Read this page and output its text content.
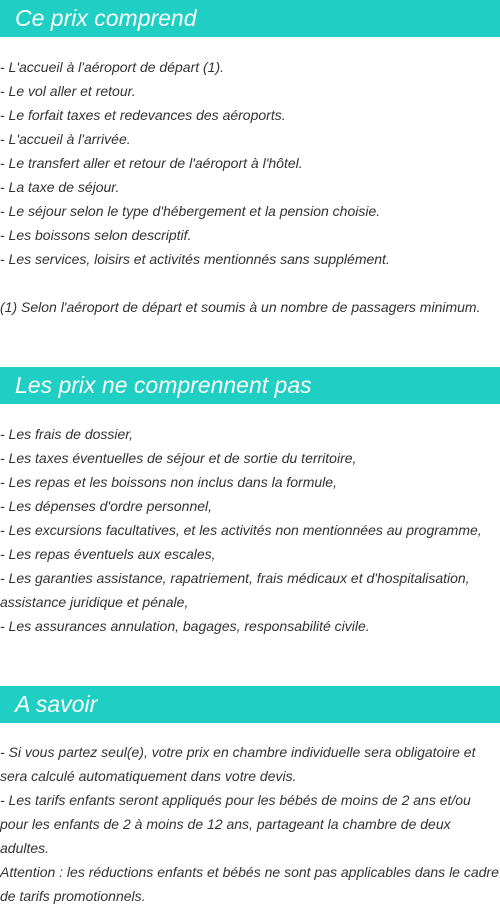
Ce prix comprend
- L'accueil à l'aéroport de départ (1).
- Le vol aller et retour.
- Le forfait taxes et redevances des aéroports.
- L'accueil à l'arrivée.
- Le transfert aller et retour de l'aéroport à l'hôtel.
- La taxe de séjour.
- Le séjour selon le type d'hébergement et la pension choisie.
- Les boissons selon descriptif.
- Les services, loisirs et activités mentionnés sans supplément.
(1) Selon l'aéroport de départ et soumis à un nombre de passagers minimum.
Les prix ne comprennent pas
- Les frais de dossier,
- Les taxes éventuelles de séjour et de sortie du territoire,
- Les repas et les boissons non inclus dans la formule,
- Les dépenses d'ordre personnel,
- Les excursions facultatives, et les activités non mentionnées au programme,
- Les repas éventuels aux escales,
- Les garanties assistance, rapatriement, frais médicaux et d'hospitalisation, assistance juridique et pénale,
- Les assurances annulation, bagages, responsabilité civile.
A savoir
- Si vous partez seul(e), votre prix en chambre individuelle sera obligatoire et sera calculé automatiquement dans votre devis.
- Les tarifs enfants seront appliqués pour les bébés de moins de 2 ans et/ou pour les enfants de 2 à moins de 12 ans, partageant la chambre de deux adultes.
Attention : les réductions enfants et bébés ne sont pas applicables dans le cadre de tarifs promotionnels.
